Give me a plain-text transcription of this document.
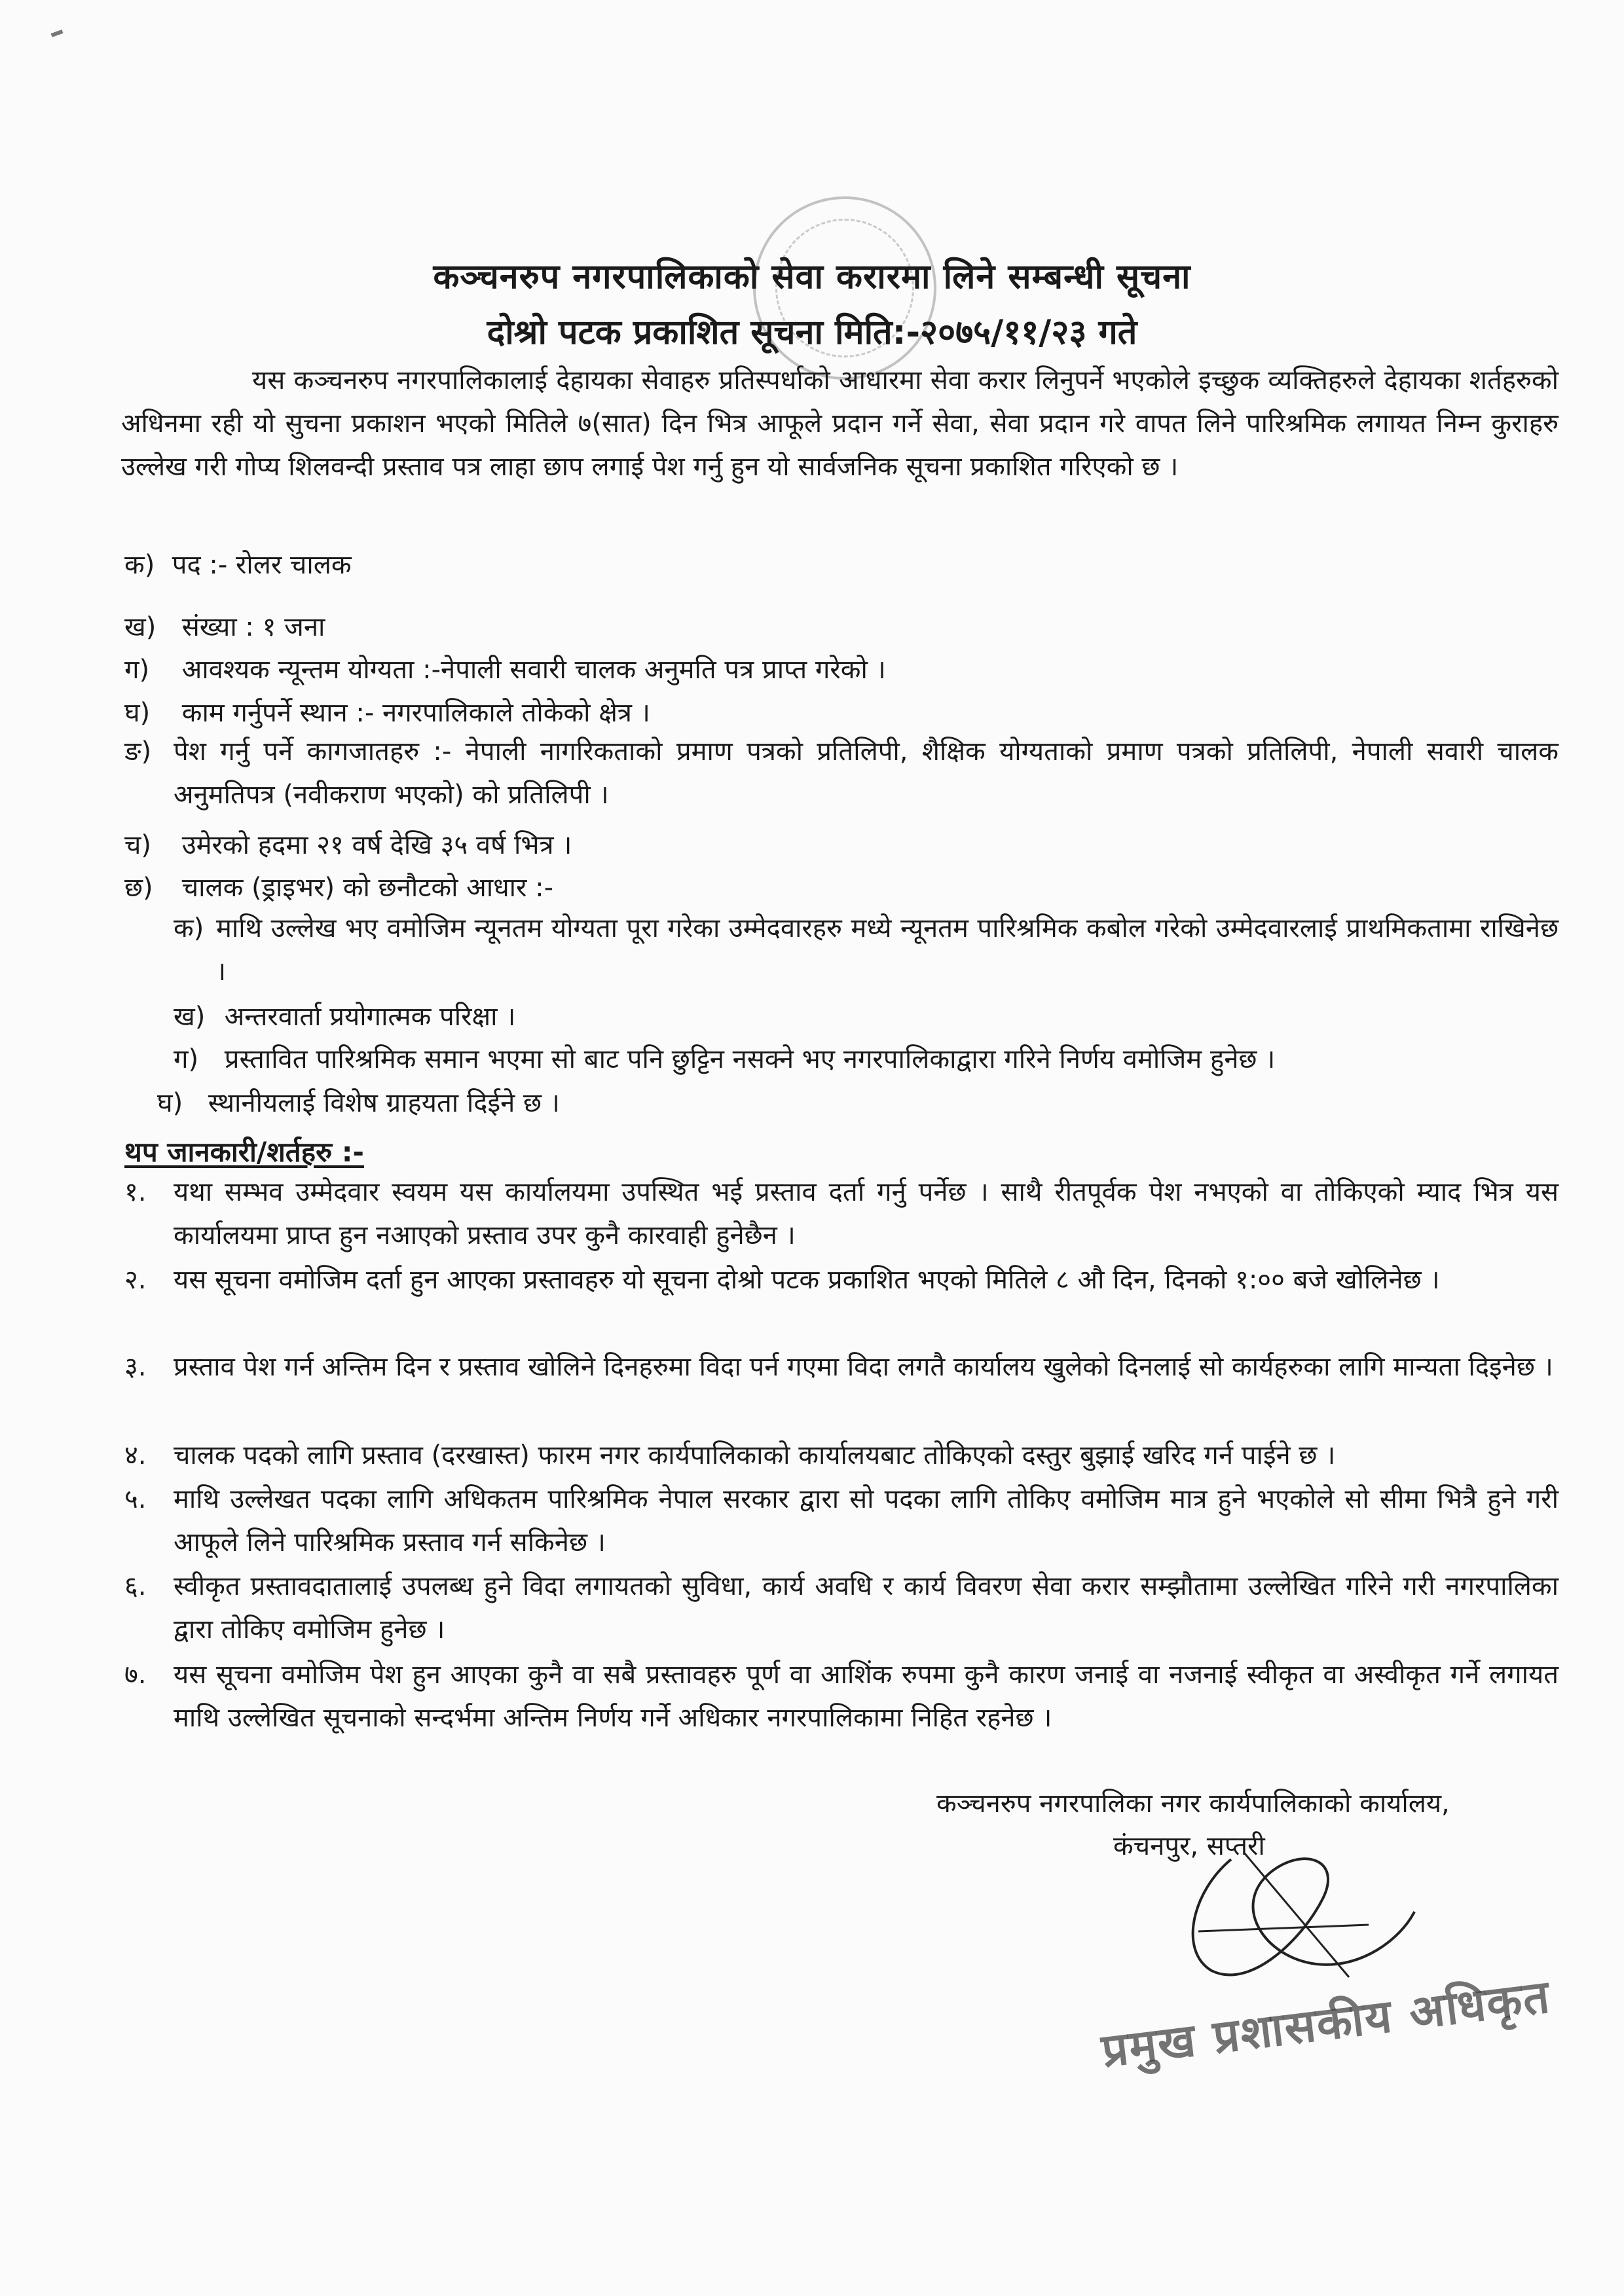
कञ्चनरुप नगरपालिकाको सेवा करारमा लिने सम्बन्धी सूचना
दोश्रो पटक प्रकाशित सूचना मिति:-२०७५/११/२३ गते
यस कञ्चनरुप नगरपालिकालाई देहायका सेवाहरु प्रतिस्पर्धाको आधारमा सेवा करार लिनुपर्ने भएकोले इच्छुक व्यक्तिहरुले देहायका शर्तहरुको अधिनमा रही यो सुचना प्रकाशन भएको मितिले ७(सात) दिन भित्र आफूले प्रदान गर्ने सेवा, सेवा प्रदान गरे वापत लिने पारिश्रमिक लगायत निम्न कुराहरु उल्लेख गरी गोप्य शिलवन्दी प्रस्ताव पत्र लाहा छाप लगाई पेश गर्नु हुन यो सार्वजनिक सूचना प्रकाशित गरिएको छ ।
क) पद :- रोलर चालक
ख) संख्या : १ जना
ग) आवश्यक न्यून्तम योग्यता :-नेपाली सवारी चालक अनुमति पत्र प्राप्त गरेको ।
घ) काम गर्नुपर्ने स्थान :- नगरपालिकाले तोकेको क्षेत्र ।
ङ) पेश गर्नु पर्ने कागजातहरु :- नेपाली नागरिकताको प्रमाण पत्रको प्रतिलिपी, शैक्षिक योग्यताको प्रमाण पत्रको प्रतिलिपी, नेपाली सवारी चालक अनुमतिपत्र (नवीकराण भएको) को प्रतिलिपी ।
च) उमेरको हदमा २१ वर्ष देखि ३५ वर्ष भित्र ।
छ) चालक (ड्राइभर) को छनौटको आधार :-
क) माथि उल्लेख भए वमोजिम न्यूनतम योग्यता पूरा गरेका उम्मेदवारहरु मध्ये न्यूनतम पारिश्रमिक कबोल गरेको उम्मेदवारलाई प्राथमिकतामा राखिनेछ ।
ख) अन्तरवार्ता प्रयोगात्मक परिक्षा ।
ग) प्रस्तावित पारिश्रमिक समान भएमा सो बाट पनि छुट्टिन नसक्ने भए नगरपालिकाद्वारा गरिने निर्णय वमोजिम हुनेछ ।
घ) स्थानीयलाई विशेष ग्राहयता दिईने छ ।
थप जानकारी/शर्तहरु :-
१. यथा सम्भव उम्मेदवार स्वयम यस कार्यालयमा उपस्थित भई प्रस्ताव दर्ता गर्नु पर्नेछ । साथै रीतपूर्वक पेश नभएको वा तोकिएको म्याद भित्र यस कार्यालयमा प्राप्त हुन नआएको प्रस्ताव उपर कुनै कारवाही हुनेछैन ।
२. यस सूचना वमोजिम दर्ता हुन आएका प्रस्तावहरु यो सूचना दोश्रो पटक प्रकाशित भएको मितिले ८ औ दिन, दिनको १:०० बजे खोलिनेछ ।
३. प्रस्ताव पेश गर्न अन्तिम दिन र प्रस्ताव खोलिने दिनहरुमा विदा पर्न गएमा विदा लगतै कार्यालय खुलेको दिनलाई सो कार्यहरुका लागि मान्यता दिइनेछ ।
४. चालक पदको लागि प्रस्ताव (दरखास्त) फारम नगर कार्यपालिकाको कार्यालयबाट तोकिएको दस्तुर बुझाई खरिद गर्न पाईने छ ।
५. माथि उल्लेखत पदका लागि अधिकतम पारिश्रमिक नेपाल सरकार द्वारा सो पदका लागि तोकिए वमोजिम मात्र हुने भएकोले सो सीमा भित्रै हुने गरी आफूले लिने पारिश्रमिक प्रस्ताव गर्न सकिनेछ ।
६. स्वीकृत प्रस्तावदातालाई उपलब्ध हुने विदा लगायतको सुविधा, कार्य अवधि र कार्य विवरण सेवा करार सम्झौतामा उल्लेखित गरिने गरी नगरपालिका द्वारा तोकिए वमोजिम हुनेछ ।
७. यस सूचना वमोजिम पेश हुन आएका कुनै वा सबै प्रस्तावहरु पूर्ण वा आशिंक रुपमा कुनै कारण जनाई वा नजनाई स्वीकृत वा अस्वीकृत गर्ने लगायत माथि उल्लेखित सूचनाको सन्दर्भमा अन्तिम निर्णय गर्ने अधिकार नगरपालिकामा निहित रहनेछ ।
कञ्चनरुप नगरपालिका नगर कार्यपालिकाको कार्यालय,
कंचनपुर, सप्तरी
प्रमुख प्रशासकीय अधिकृत
